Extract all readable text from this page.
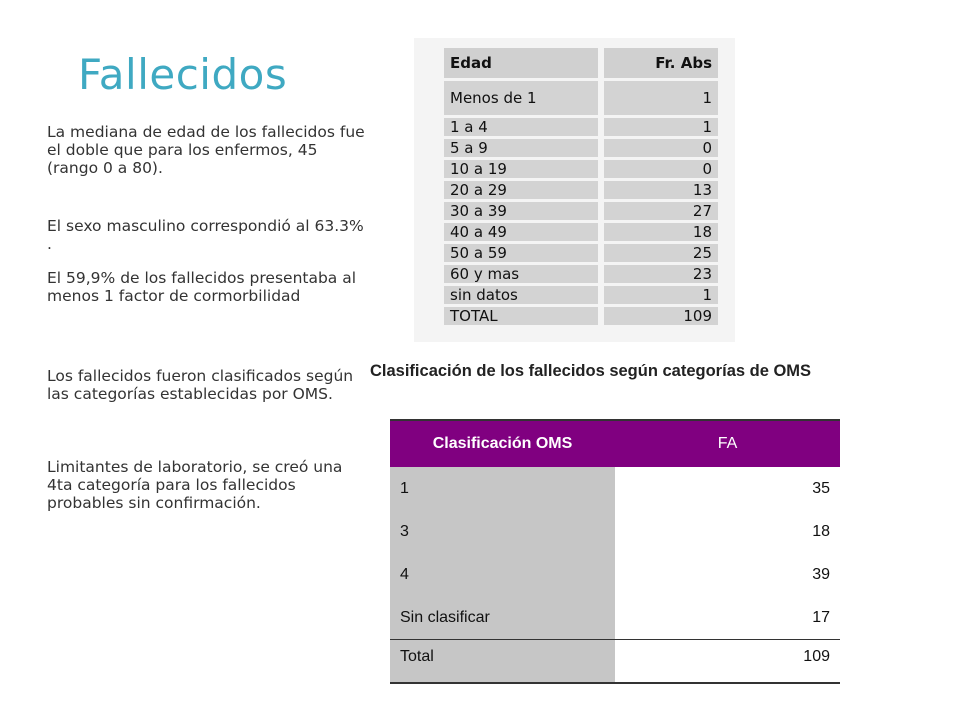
Fallecidos

La mediana de edad de los fallecidos fue el doble que para los enfermos, 45 (rango 0 a 80).

El sexo masculino correspondió al 63.3% .

El 59,9% de los fallecidos presentaba al menos 1 factor de cormorbilidad

Los fallecidos fueron clasificados según las categorías establecidas por OMS.

Limitantes de laboratorio, se creó una 4ta categoría para los fallecidos probables sin confirmación.

Edad	Fr. Abs
Menos de 1	1
1 a 4	1
5 a 9	0
10 a 19	0
20 a 29	13
30 a 39	27
40 a 49	18
50 a 59	25
60 y mas	23
sin datos	1
TOTAL	109
Clasificación de los fallecidos según categorías de OMS
Clasificación OMS	FA
1	35
3	18
4	39
Sin clasificar	17
Total	109
